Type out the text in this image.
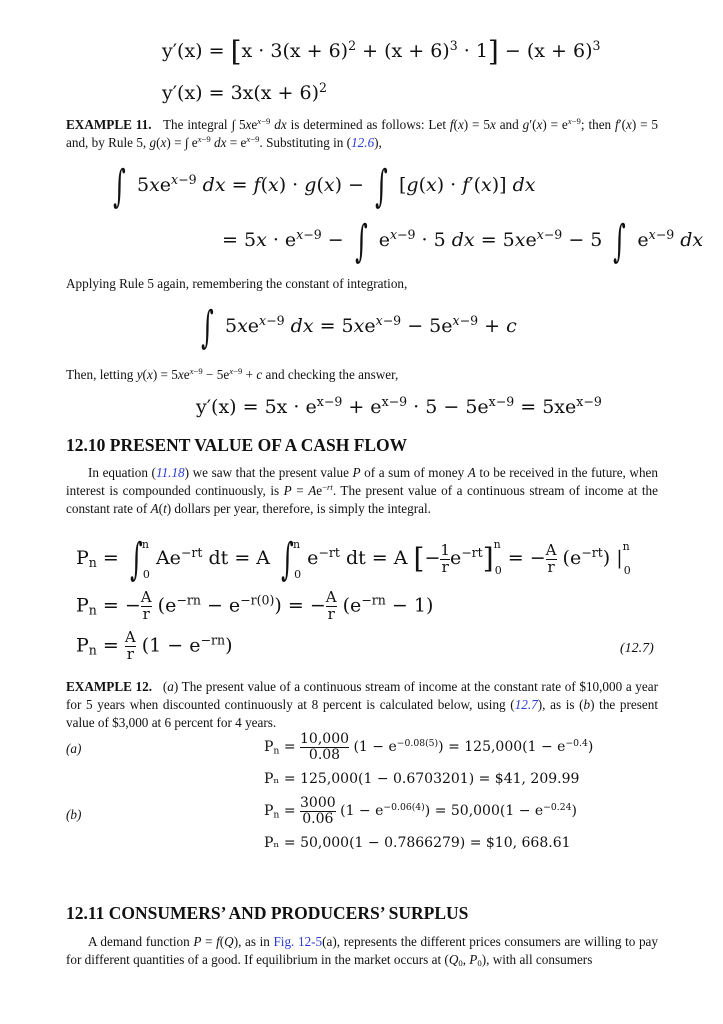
$y'(x) = [x \cdot 3(x + 6)^2 + (x + 6)^3 \cdot 1] - (x + 6)^3$
$y'(x) = 3x(x + 6)^2$
EXAMPLE 11.   The integral ∫ $5xe^{x-9}$ dx is determined as follows: Let f(x) = 5x and $g'(x) = e^{x-9}$; then f′(x) = 5 and, by Rule 5, g(x) = ∫ $e^{x-9}$ dx = $e^{x-9}$. Substituting in (12.6),
∫ $5xe^{x-9}$ dx = f(x) · g(x) − ∫ [g(x) · f′(x)] dx
= $5x \cdot e^{x-9}$ − ∫ $e^{x-9} \cdot 5$ dx = $5xe^{x-9} - 5$ ∫ $e^{x-9}$ dx
Applying Rule 5 again, remembering the constant of integration,
∫ $5xe^{x-9}$ dx = $5xe^{x-9} - 5e^{x-9} + c$
Then, letting $y(x) = 5xe^{x-9} - 5e^{x-9} + c$ and checking the answer,
$y'(x) = 5x \cdot e^{x-9} + e^{x-9} \cdot 5 - 5e^{x-9} = 5xe^{x-9}$
12.10 PRESENT VALUE OF A CASH FLOW
In equation (11.18) we saw that the present value P of a sum of money A to be received in the future, when interest is compounded continuously, is $P = Ae^{-rt}$. The present value of a continuous stream of income at the constant rate of A(t) dollars per year, therefore, is simply the integral.
$P_n = \int^n_0$ $Ae^{-rt}$ dt = A ∫$^n_0$ $e^{-rt}$ dt = A [− $\frac{1}{r} e^{-rt}]^n_0$ = − $\frac{A}{r} (e^{-rt})$ $|^n_0$
$P_n$ = − $\frac{A}{r} (e^{-rn} - e^{-r(0)})$ = − $\frac{A}{r} (e^{-rn} - 1)$
$P_n = \frac{A}{r} (1 - e^{-rn})$	(12.7)
EXAMPLE 12.   (a) The present value of a continuous stream of income at the constant rate of $10,000 a year for 5 years when discounted continuously at 8 percent is calculated below, using (12.7), as is (b) the present value of $3,000 at 6 percent for 4 years.
(a)	$P_n = \frac{10,000}{0.08} (1 - e^{-0.08(5)}) = 125,000(1 - e^{-0.4})$
Pₙ = 125,000(1 − 0.6703201) = $41, 209.99
(b)	$P_n = \frac{3000}{0.06} (1 - e^{-0.06(4)}) = 50,000(1 - e^{-0.24})$
Pₙ = 50,000(1 − 0.7866279) = $10, 668.61
12.11 CONSUMERS’ AND PRODUCERS’ SURPLUS
A demand function P = f(Q), as in Fig. 12-5(a), represents the different prices consumers are willing to pay for different quantities of a good. If equilibrium in the market occurs at ($Q_0$, $P_0$), with all consumers
